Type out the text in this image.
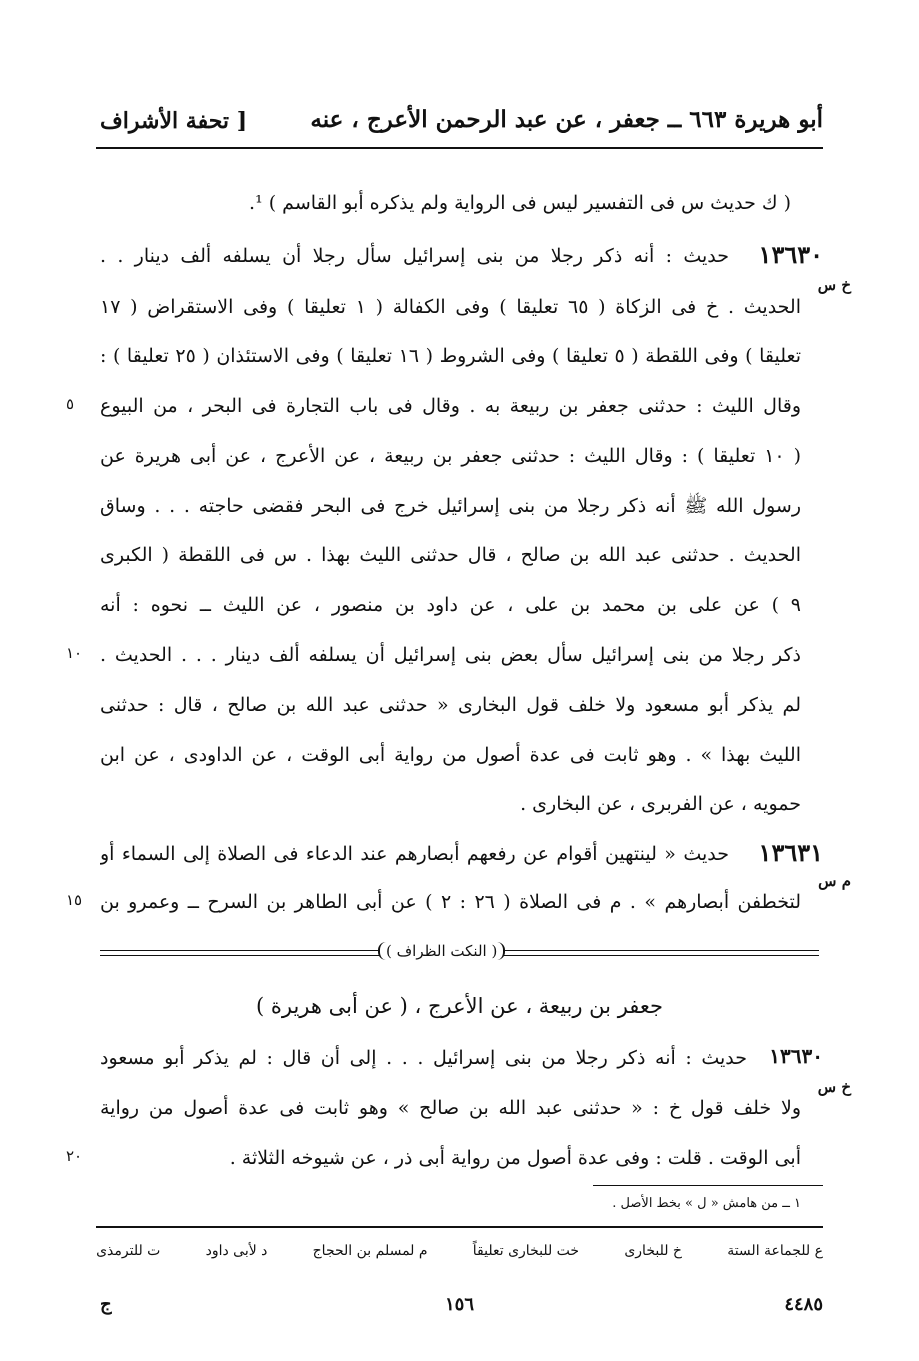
أبو هريرة ٦٦٣ ــ جعفر ، عن عبد الرحمن الأعرج ، عنه
[ تحفة الأشراف
( ك حديث س فى التفسير ليس فى الرواية ولم يذكره أبو القاسم ) ¹.
١٣٦٣٠
حديث : أنه ذكر رجلا من بنى إسرائيل سأل رجلا أن يسلفه ألف دينار . .
خ س
الحديث . خ فى الزكاة ( ٦٥ تعليقا ) وفى الكفالة ( ١ تعليقا ) وفى الاستقراض ( ١٧
تعليقا ) وفى اللقطة ( ٥ تعليقا ) وفى الشروط ( ١٦ تعليقا ) وفى الاستئذان ( ٢٥ تعليقا ) :
وقال الليث : حدثنى جعفر بن ربيعة به . وقال فى باب التجارة فى البحر ، من البيوع
٥
( ١٠ تعليقا ) : وقال الليث : حدثنى جعفر بن ربيعة ، عن الأعرج ، عن أبى هريرة عن
رسول الله ﷺ أنه ذكر رجلا من بنى إسرائيل خرج فى البحر فقضى حاجته . . . وساق
الحديث . حدثنى عبد الله بن صالح ، قال حدثنى الليث بهذا . س فى اللقطة ( الكبرى
٩ ) عن على بن محمد بن على ، عن داود بن منصور ، عن الليث ــ نحوه : أنه
ذكر رجلا من بنى إسرائيل سأل بعض بنى إسرائيل أن يسلفه ألف دينار . . . الحديث .
١٠
لم يذكر أبو مسعود ولا خلف قول البخارى « حدثنى عبد الله بن صالح ، قال : حدثنى
الليث بهذا » . وهو ثابت فى عدة أصول من رواية أبى الوقت ، عن الداودى ، عن ابن
حمويه ، عن الفربرى ، عن البخارى .
١٣٦٣١
حديث « لينتهين أقوام عن رفعهم أبصارهم عند الدعاء فى الصلاة إلى السماء أو
م س
لتخطفن أبصارهم » . م فى الصلاة ( ٢٦ : ٢ ) عن أبى الطاهر بن السرح ــ وعمرو بن
١٥
( النكت الظراف )
جعفر بن ربيعة ، عن الأعرج ، ( عن أبى هريرة )
١٣٦٣٠
حديث : أنه ذكر رجلا من بنى إسرائيل . . . إلى أن قال : لم يذكر أبو مسعود
خ س
ولا خلف قول خ : « حدثنى عبد الله بن صالح » وهو ثابت فى عدة أصول من رواية
أبى الوقت . قلت : وفى عدة أصول من رواية أبى ذر ، عن شيوخه الثلاثة .
٢٠
١ ــ من هامش « ل » بخط الأصل .
ع للجماعة الستة
خ للبخارى
خت للبخارى تعليقاً
م لمسلم بن الحجاج
د لأبى داود
ت للترمذى
٤٤٨٥
١٥٦
ج
